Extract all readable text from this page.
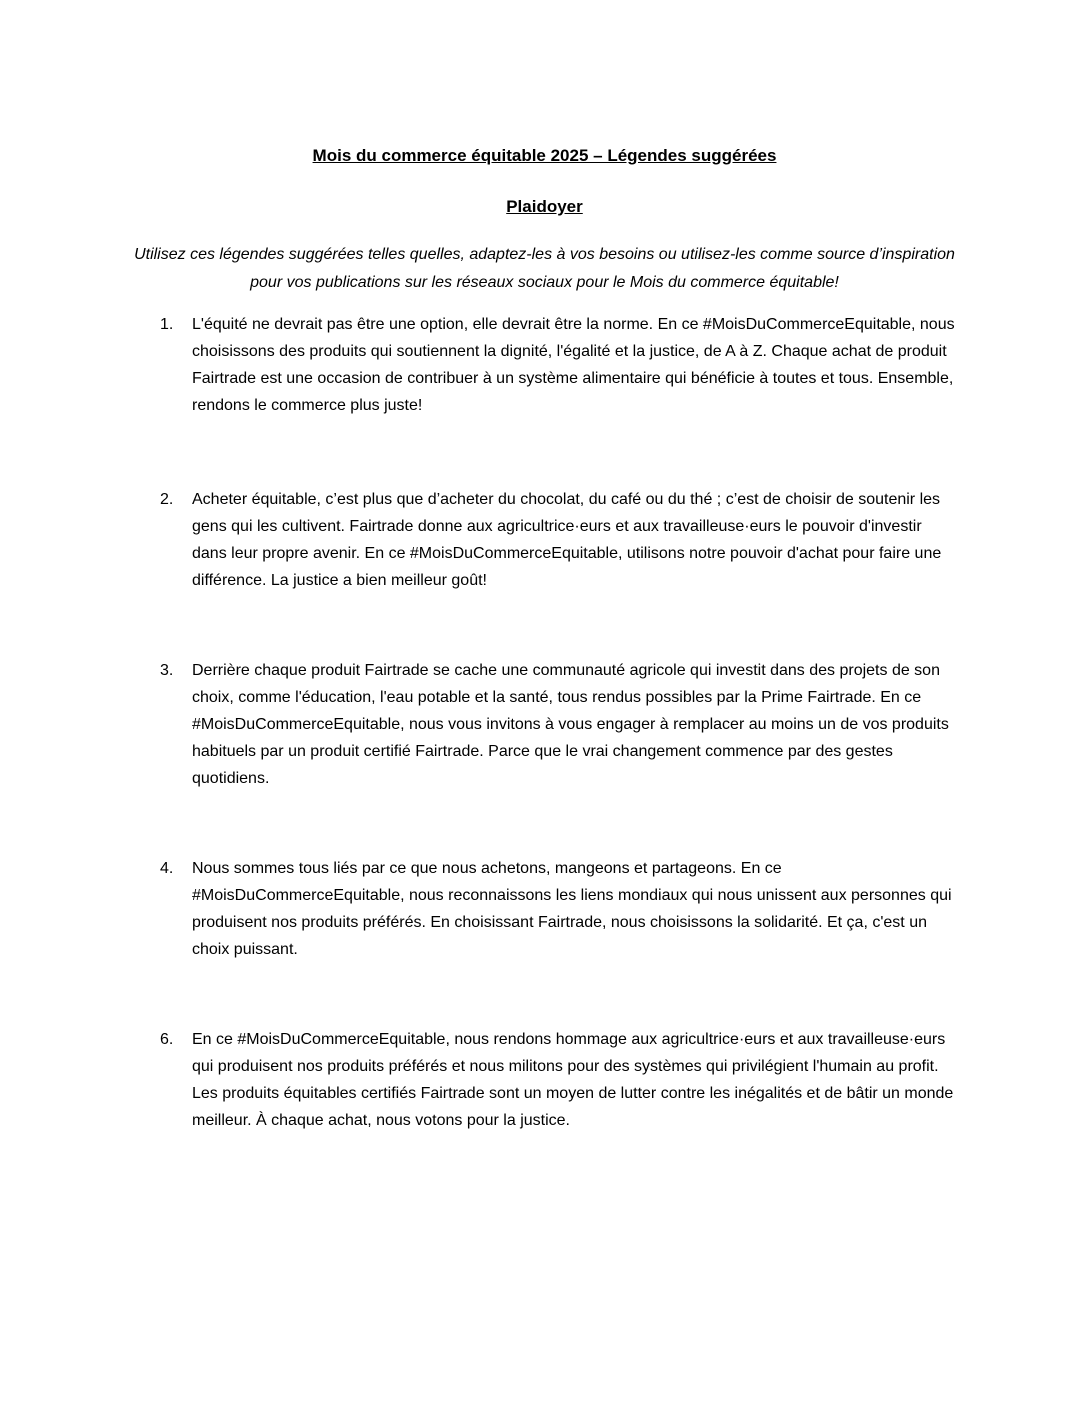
Mois du commerce équitable 2025 – Légendes suggérées
Plaidoyer

Utilisez ces légendes suggérées telles quelles, adaptez-les à vos besoins ou utilisez-les comme source d’inspiration pour vos publications sur les réseaux sociaux pour le Mois du commerce équitable!

1.	L'équité ne devrait pas être une option, elle devrait être la norme. En ce #MoisDuCommerceEquitable, nous choisissons des produits qui soutiennent la dignité, l'égalité et la justice, de A à Z. Chaque achat de produit Fairtrade est une occasion de contribuer à un système alimentaire qui bénéficie à toutes et tous. Ensemble, rendons le commerce plus juste!
2.	Acheter équitable, c’est plus que d’acheter du chocolat, du café ou du thé ; c’est de choisir de soutenir les gens qui les cultivent. Fairtrade donne aux agricultrice·eurs et aux travailleuse·eurs le pouvoir d'investir dans leur propre avenir. En ce #MoisDuCommerceEquitable, utilisons notre pouvoir d'achat pour faire une différence. La justice a bien meilleur goût!
3.	Derrière chaque produit Fairtrade se cache une communauté agricole qui investit dans des projets de son choix, comme l'éducation, l'eau potable et la santé, tous rendus possibles par la Prime Fairtrade. En ce #MoisDuCommerceEquitable, nous vous invitons à vous engager à remplacer au moins un de vos produits habituels par un produit certifié Fairtrade. Parce que le vrai changement commence par des gestes quotidiens.
4.	Nous sommes tous liés par ce que nous achetons, mangeons et partageons. En ce #MoisDuCommerceEquitable, nous reconnaissons les liens mondiaux qui nous unissent aux personnes qui produisent nos produits préférés. En choisissant Fairtrade, nous choisissons la solidarité. Et ça, c'est un choix puissant.
6.	En ce #MoisDuCommerceEquitable, nous rendons hommage aux agricultrice·eurs et aux travailleuse·eurs qui produisent nos produits préférés et nous militons pour des systèmes qui privilégient l'humain au profit. Les produits équitables certifiés Fairtrade sont un moyen de lutter contre les inégalités et de bâtir un monde meilleur. À chaque achat, nous votons pour la justice.
